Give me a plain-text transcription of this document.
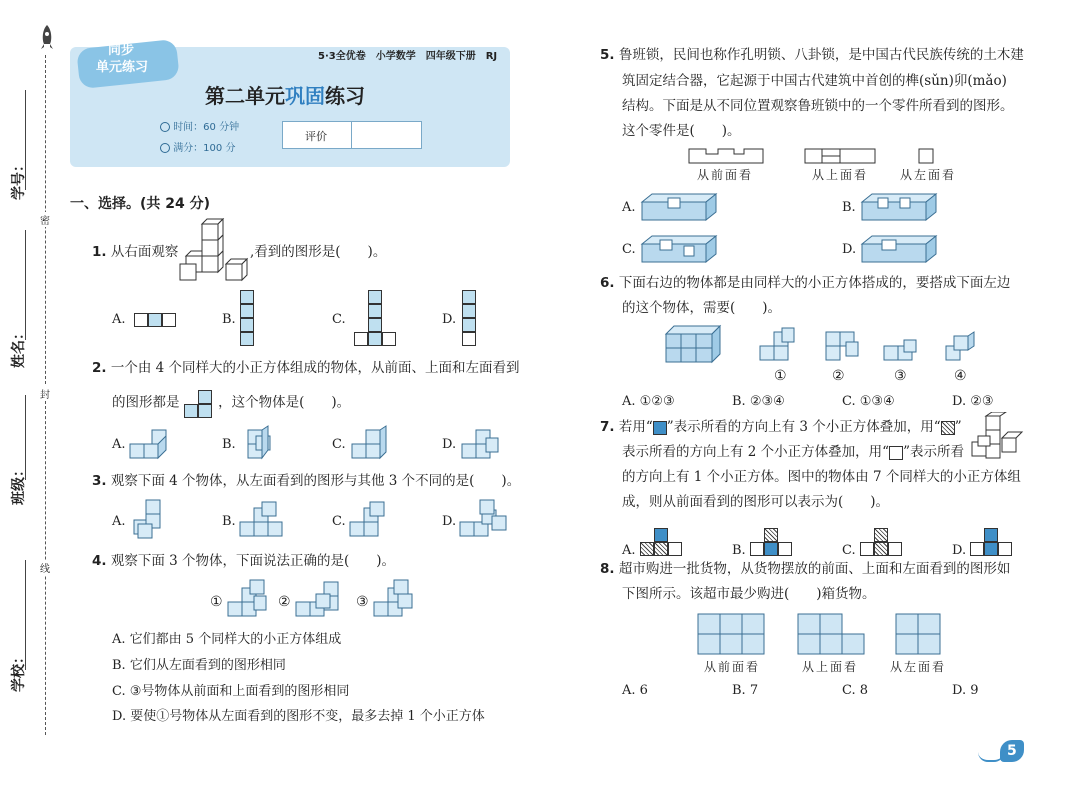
密
封
线
学号：
姓名：
班级：
学校：
同步
单元练习
5·3全优卷　小学数学　四年级下册　RJ
第二单元巩固练习
时间：60 分钟
满分：100 分
评价
一、选择。(共 24 分)
1. 从右面观察	,看到的图形是(　　)。
A.	B.	C.	D.
2. 一个由 4 个同样大的小正方体组成的物体，从前面、上面和左面看到
的图形都是	，这个物体是(　　)。
A.	B.	C.	D.
3. 观察下面 4 个物体，从左面看到的图形与其他 3 个不同的是(　　)。
A.	B.	C.	D.
4. 观察下面 3 个物体，下面说法正确的是(　　)。
①	②	③
A. 它们都由 5 个同样大的小正方体组成
B. 它们从左面看到的图形相同
C. ③号物体从前面和上面看到的图形相同
D. 要使①号物体从左面看到的图形不变，最多去掉 1 个小正方体
5. 鲁班锁，民间也称作孔明锁、八卦锁，是中国古代民族传统的土木建
筑固定结合器，它起源于中国古代建筑中首创的榫(sǔn)卯(mǎo)
结构。下面是从不同位置观察鲁班锁中的一个零件所看到的图形。
这个零件是(　　)。
从前面看	从上面看	从左面看
A.	B.
C.	D.
6. 下面右边的物体都是由同样大的小正方体搭成的，要搭成下面左边
的这个物体，需要(　　)。
①	②	③	④
A. ①②③	B. ②③④	C. ①③④	D. ②③
7. 若用“ ”表示所看的方向上有 3 个小正方体叠加，用“ ”
表示所看的方向上有 2 个小正方体叠加，用“ ”表示所看
的方向上有 1 个小正方体。图中的物体由 7 个同样大的小正方体组
成，则从前面看到的图形可以表示为(　　)。
A.	B.	C.	D.
8. 超市购进一批货物，从货物摆放的前面、上面和左面看到的图形如
下图所示。该超市最少购进(　　)箱货物。
从前面看	从上面看	从左面看
A. 6	B. 7	C. 8	D. 9
5
